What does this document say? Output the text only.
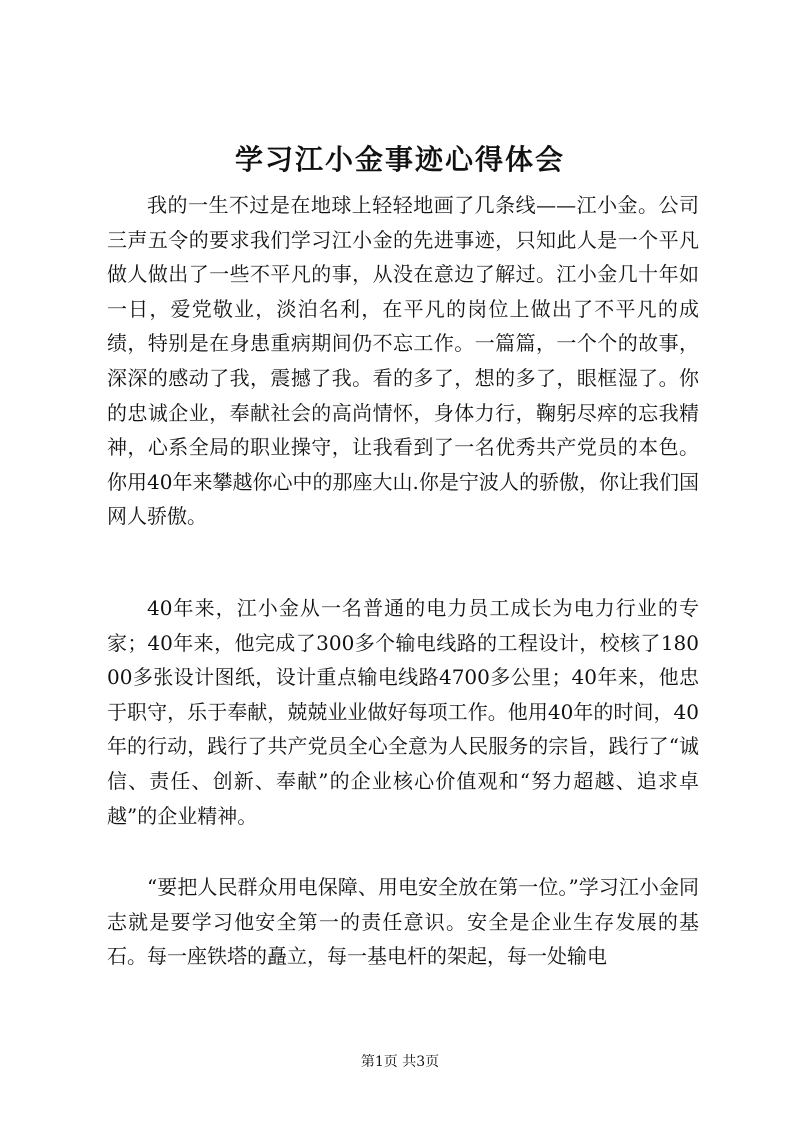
学习江小金事迹心得体会

我的一生不过是在地球上轻轻地画了几条线——江小金。公司三声五令的要求我们学习江小金的先进事迹，只知此人是一个平凡做人做出了一些不平凡的事，从没在意边了解过。江小金几十年如一日，爱党敬业，淡泊名利，在平凡的岗位上做出了不平凡的成绩，特别是在身患重病期间仍不忘工作。一篇篇，一个个的故事，深深的感动了我，震撼了我。看的多了，想的多了，眼框湿了。你的忠诚企业，奉献社会的高尚情怀，身体力行，鞠躬尽瘁的忘我精神，心系全局的职业操守，让我看到了一名优秀共产党员的本色。你用40年来攀越你心中的那座大山.你是宁波人的骄傲，你让我们国网人骄傲。

40年来，江小金从一名普通的电力员工成长为电力行业的专家；40年来，他完成了300多个输电线路的工程设计，校核了18000多张设计图纸，设计重点输电线路4700多公里；40年来，他忠于职守，乐于奉献，兢兢业业做好每项工作。他用40年的时间，40年的行动，践行了共产党员全心全意为人民服务的宗旨，践行了“诚信、责任、创新、奉献”的企业核心价值观和“努力超越、追求卓越”的企业精神。

“要把人民群众用电保障、用电安全放在第一位。”学习江小金同志就是要学习他安全第一的责任意识。安全是企业生存发展的基石。每一座铁塔的矗立，每一基电杆的架起，每一处输电

第1页 共3页
